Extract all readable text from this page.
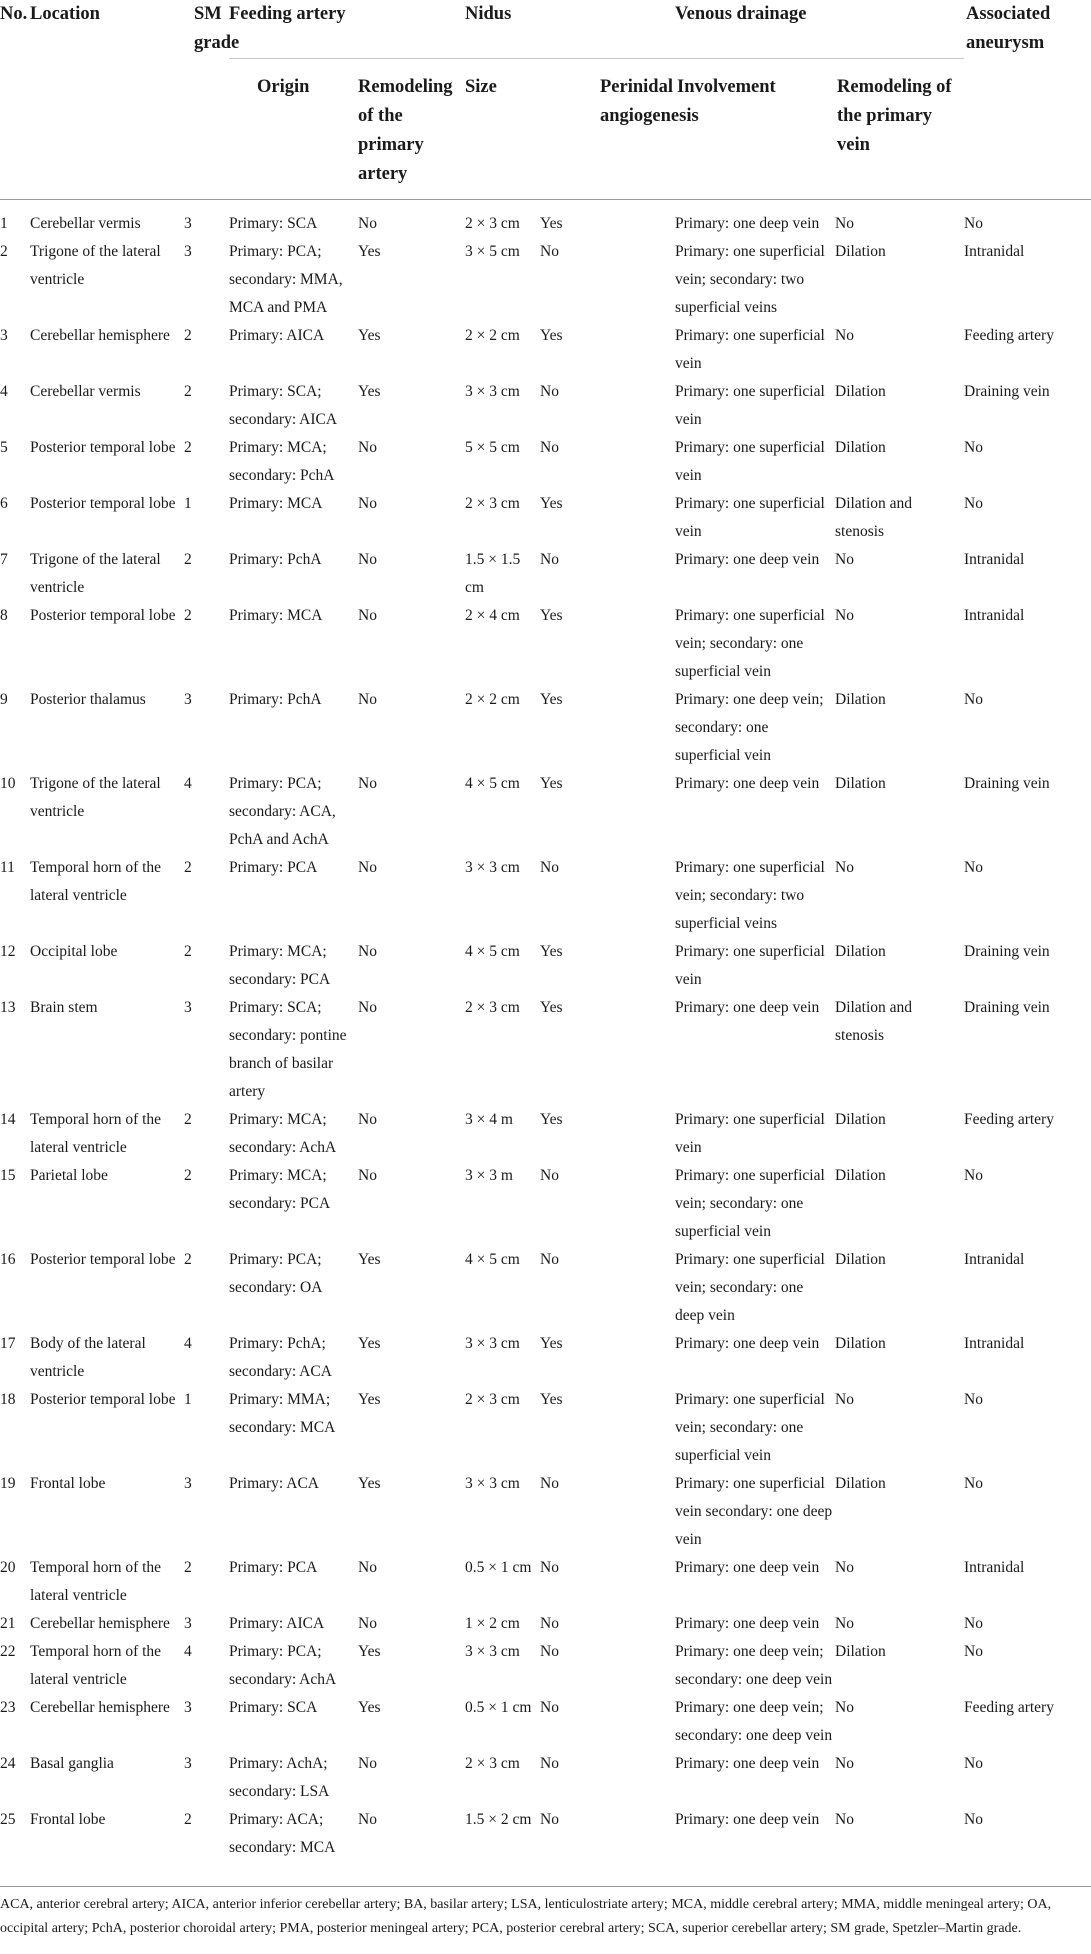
No.	Location	SM grade	Feeding artery		Nidus		Venous drainage		Associated aneurysm
			Origin	Remodeling of the primary artery	Size	Perinidal angiogenesis	Involvement	Remodeling of the primary vein	
1	Cerebellar vermis	3	Primary: SCA	No	2 × 3 cm	Yes	Primary: one deep vein	No	No
2	Trigone of the lateral ventricle	3	Primary: PCA; secondary: MMA, MCA and PMA	Yes	3 × 5 cm	No	Primary: one superficial vein; secondary: two superficial veins	Dilation	Intranidal
3	Cerebellar hemisphere	2	Primary: AICA	Yes	2 × 2 cm	Yes	Primary: one superficial vein	No	Feeding artery
4	Cerebellar vermis	2	Primary: SCA; secondary: AICA	Yes	3 × 3 cm	No	Primary: one superficial vein	Dilation	Draining vein
5	Posterior temporal lobe	2	Primary: MCA; secondary: PchA	No	5 × 5 cm	No	Primary: one superficial vein	Dilation	No
6	Posterior temporal lobe	1	Primary: MCA	No	2 × 3 cm	Yes	Primary: one superficial vein	Dilation and stenosis	No
7	Trigone of the lateral ventricle	2	Primary: PchA	No	1.5 × 1.5 cm	No	Primary: one deep vein	No	Intranidal
8	Posterior temporal lobe	2	Primary: MCA	No	2 × 4 cm	Yes	Primary: one superficial vein; secondary: one superficial vein	No	Intranidal
9	Posterior thalamus	3	Primary: PchA	No	2 × 2 cm	Yes	Primary: one deep vein; secondary: one superficial vein	Dilation	No
10	Trigone of the lateral ventricle	4	Primary: PCA; secondary: ACA, PchA and AchA	No	4 × 5 cm	Yes	Primary: one deep vein	Dilation	Draining vein
11	Temporal horn of the lateral ventricle	2	Primary: PCA	No	3 × 3 cm	No	Primary: one superficial vein; secondary: two superficial veins	No	No
12	Occipital lobe	2	Primary: MCA; secondary: PCA	No	4 × 5 cm	Yes	Primary: one superficial vein	Dilation	Draining vein
13	Brain stem	3	Primary: SCA; secondary: pontine branch of basilar artery	No	2 × 3 cm	Yes	Primary: one deep vein	Dilation and stenosis	Draining vein
14	Temporal horn of the lateral ventricle	2	Primary: MCA; secondary: AchA	No	3 × 4 m	Yes	Primary: one superficial vein	Dilation	Feeding artery
15	Parietal lobe	2	Primary: MCA; secondary: PCA	No	3 × 3 m	No	Primary: one superficial vein; secondary: one superficial vein	Dilation	No
16	Posterior temporal lobe	2	Primary: PCA; secondary: OA	Yes	4 × 5 cm	No	Primary: one superficial vein; secondary: one deep vein	Dilation	Intranidal
17	Body of the lateral ventricle	4	Primary: PchA; secondary: ACA	Yes	3 × 3 cm	Yes	Primary: one deep vein	Dilation	Intranidal
18	Posterior temporal lobe	1	Primary: MMA; secondary: MCA	Yes	2 × 3 cm	Yes	Primary: one superficial vein; secondary: one superficial vein	No	No
19	Frontal lobe	3	Primary: ACA	Yes	3 × 3 cm	No	Primary: one superficial vein secondary: one deep vein	Dilation	No
20	Temporal horn of the lateral ventricle	2	Primary: PCA	No	0.5 × 1 cm	No	Primary: one deep vein	No	Intranidal
21	Cerebellar hemisphere	3	Primary: AICA	No	1 × 2 cm	No	Primary: one deep vein	No	No
22	Temporal horn of the lateral ventricle	4	Primary: PCA; secondary: AchA	Yes	3 × 3 cm	No	Primary: one deep vein; secondary: one deep vein	Dilation	No
23	Cerebellar hemisphere	3	Primary: SCA	Yes	0.5 × 1 cm	No	Primary: one deep vein; secondary: one deep vein	No	Feeding artery
24	Basal ganglia	3	Primary: AchA; secondary: LSA	No	2 × 3 cm	No	Primary: one deep vein	No	No
25	Frontal lobe	2	Primary: ACA; secondary: MCA	No	1.5 × 2 cm	No	Primary: one deep vein	No	No
ACA, anterior cerebral artery; AICA, anterior inferior cerebellar artery; BA, basilar artery; LSA, lenticulostriate artery; MCA, middle cerebral artery; MMA, middle meningeal artery; OA, occipital artery; PchA, posterior choroidal artery; PMA, posterior meningeal artery; PCA, posterior cerebral artery; SCA, superior cerebellar artery; SM grade, Spetzler–Martin grade.
